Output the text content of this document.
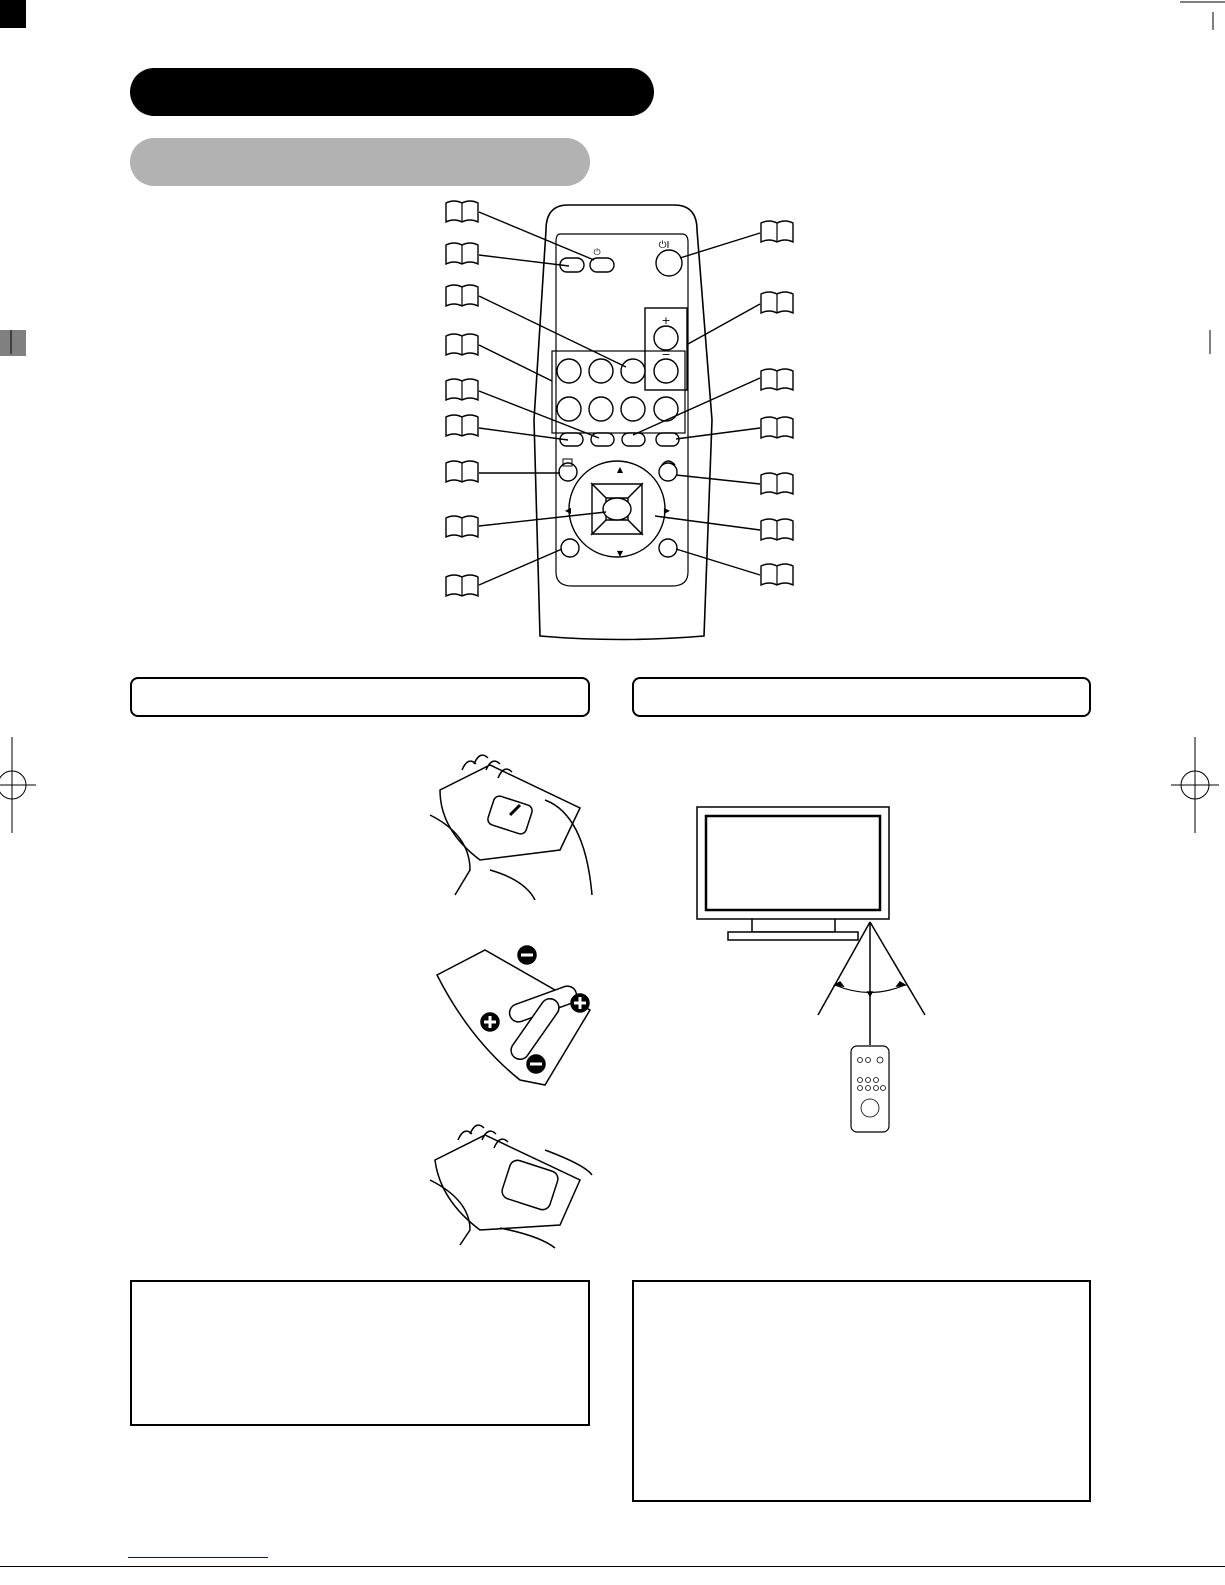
⏻
⏻I
+
−
▲
▼
◀	▶
